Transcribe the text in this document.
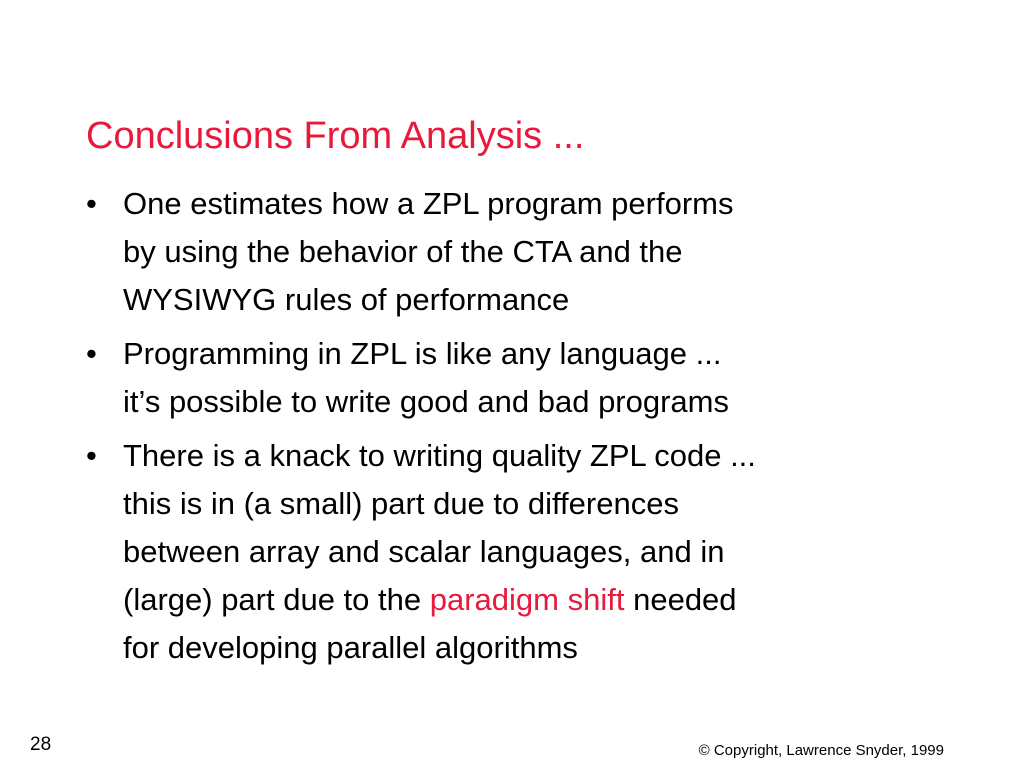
Conclusions From Analysis ...
• One estimates how a ZPL program performs
by using the behavior of the CTA and the
WYSIWYG rules of performance
• Programming in ZPL is like any language ...
it’s possible to write good and bad programs
• There is a knack to writing quality ZPL code ...
this is in (a small) part due to differences
between array and scalar languages, and in
(large) part due to the paradigm shift needed
for developing parallel algorithms
28	© Copyright, Lawrence Snyder, 1999
